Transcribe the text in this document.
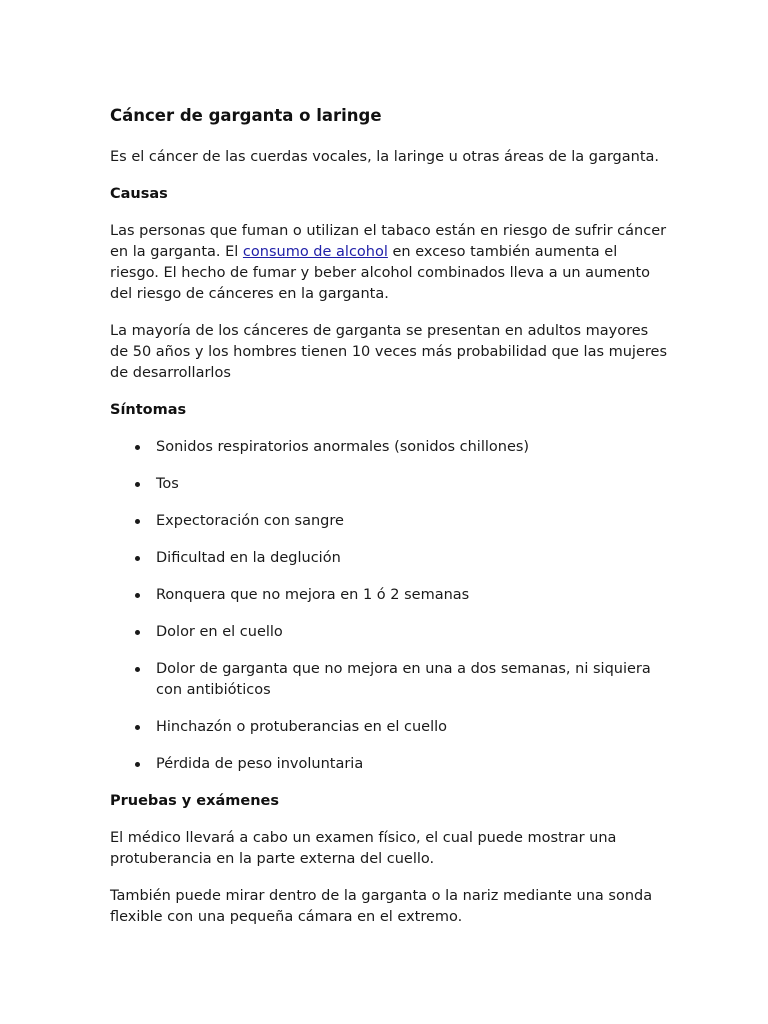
Cáncer de garganta o laringe

Es el cáncer de las cuerdas vocales, la laringe u otras áreas de la garganta.

Causas

Las personas que fuman o utilizan el tabaco están en riesgo de sufrir cáncer en la garganta. El consumo de alcohol en exceso también aumenta el riesgo. El hecho de fumar y beber alcohol combinados lleva a un aumento del riesgo de cánceres en la garganta.

La mayoría de los cánceres de garganta se presentan en adultos mayores de 50 años y los hombres tienen 10 veces más probabilidad que las mujeres de desarrollarlos

Síntomas
Sonidos respiratorios anormales (sonidos chillones)
Tos
Expectoración con sangre
Dificultad en la deglución
Ronquera que no mejora en 1 ó 2 semanas
Dolor en el cuello
Dolor de garganta que no mejora en una a dos semanas, ni siquiera con antibióticos
Hinchazón o protuberancias en el cuello
Pérdida de peso involuntaria
Pruebas y exámenes

El médico llevará a cabo un examen físico, el cual puede mostrar una protuberancia en la parte externa del cuello.

También puede mirar dentro de la garganta o la nariz mediante una sonda flexible con una pequeña cámara en el extremo.
